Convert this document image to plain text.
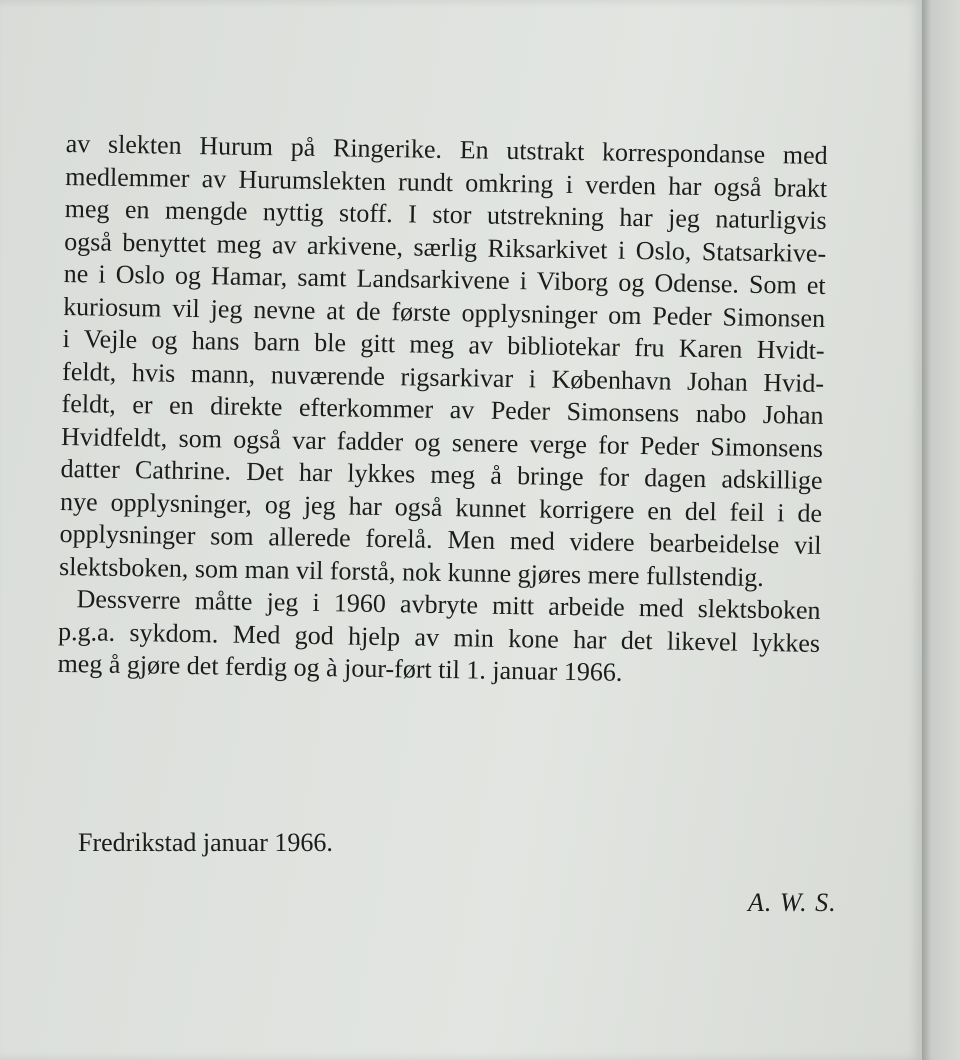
av slekten Hurum på Ringerike. En utstrakt korrespondanse med
medlemmer av Hurumslekten rundt omkring i verden har også brakt
meg en mengde nyttig stoff. I stor utstrekning har jeg naturligvis
også benyttet meg av arkivene, særlig Riksarkivet i Oslo, Statsarkive-
ne i Oslo og Hamar, samt Landsarkivene i Viborg og Odense. Som et
kuriosum vil jeg nevne at de første opplysninger om Peder Simonsen
i Vejle og hans barn ble gitt meg av bibliotekar fru Karen Hvidt-
feldt, hvis mann, nuværende rigsarkivar i København Johan Hvid-
feldt, er en direkte efterkommer av Peder Simonsens nabo Johan
Hvidfeldt, som også var fadder og senere verge for Peder Simonsens
datter Cathrine. Det har lykkes meg å bringe for dagen adskillige
nye opplysninger, og jeg har også kunnet korrigere en del feil i de
opplysninger som allerede forelå. Men med videre bearbeidelse vil
slektsboken, som man vil forstå, nok kunne gjøres mere fullstendig.
Dessverre måtte jeg i 1960 avbryte mitt arbeide med slektsboken
p.g.a. sykdom. Med god hjelp av min kone har det likevel lykkes
meg å gjøre det ferdig og à jour-ført til 1. januar 1966.
Fredrikstad januar 1966.
A. W. S.
